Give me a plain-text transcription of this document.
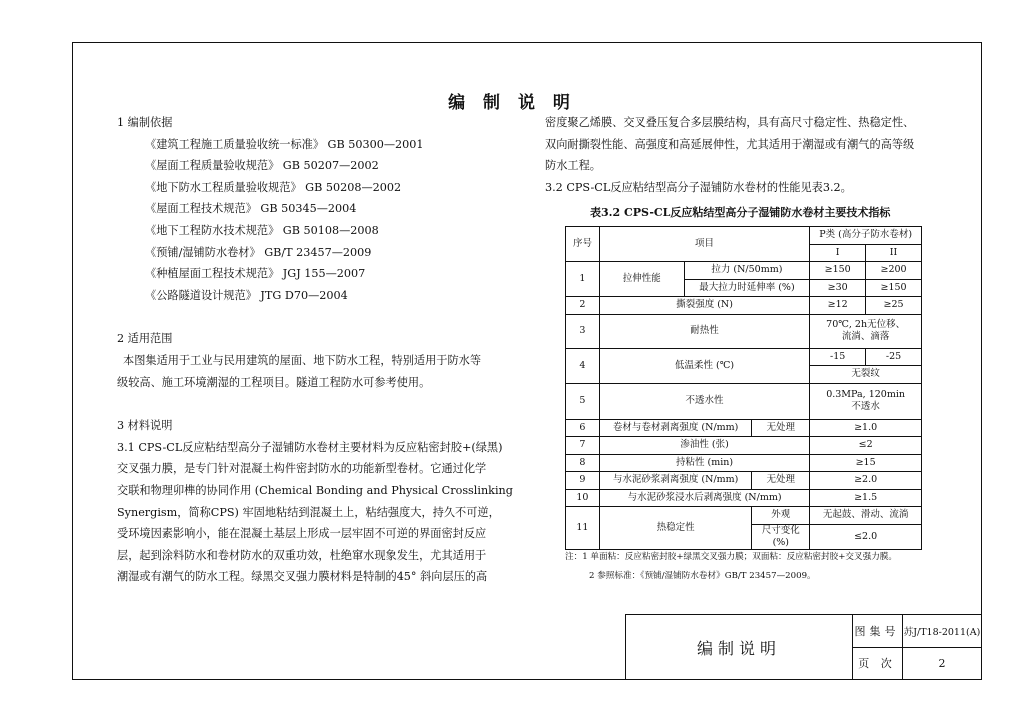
编 制 说 明
1 编制依据
《建筑工程施工质量验收统一标准》 GB 50300—2001
《屋面工程质量验收规范》 GB 50207—2002
《地下防水工程质量验收规范》 GB 50208—2002
《屋面工程技术规范》 GB 50345—2004
《地下工程防水技术规范》 GB 50108—2008
《预铺/湿铺防水卷材》 GB/T 23457—2009
《种植屋面工程技术规范》 JGJ 155—2007
《公路隧道设计规范》 JTG D70—2004
2 适用范围
本图集适用于工业与民用建筑的屋面、地下防水工程，特别适用于防水等
级较高、施工环境潮湿的工程项目。隧道工程防水可参考使用。
3 材料说明
3.1 CPS-CL反应粘结型高分子湿铺防水卷材主要材料为反应粘密封胶+(绿黑)
交叉强力膜，是专门针对混凝土构件密封防水的功能新型卷材。它通过化学
交联和物理卯榫的协同作用 (Chemical Bonding and Physical Crosslinking
Synergism，简称CPS) 牢固地粘结到混凝土上，粘结强度大，持久不可逆，
受环境因素影响小，能在混凝土基层上形成一层牢固不可逆的界面密封反应
层，起到涂料防水和卷材防水的双重功效，杜绝窜水现象发生，尤其适用于
潮湿或有潮气的防水工程。绿黑交叉强力膜材料是特制的45° 斜向层压的高
密度聚乙烯膜、交叉叠压复合多层膜结构，具有高尺寸稳定性、热稳定性、
双向耐撕裂性能、高强度和高延展伸性，尤其适用于潮湿或有潮气的高等级
防水工程。
3.2 CPS-CL反应粘结型高分子湿铺防水卷材的性能见表3.2。
表3.2 CPS-CL反应粘结型高分子湿铺防水卷材主要技术指标
序号	项目			P类 (高分子防水卷材)	
				I	II
1	拉伸性能	拉力 (N/50mm)		≥150	≥200
		最大拉力时延伸率 (%)		≥30	≥150
2	撕裂强度 (N)			≥12	≥25
3	耐热性			70℃, 2h无位移、
流淌、滴落	

4	低温柔性 (℃)			-15	-25
				无裂纹	
5	不透水性			0.3MPa, 120min
不透水	

6	卷材与卷材剥离强度 (N/mm)		无处理	≥1.0	
7	渗油性 (张)			≤2	
8	持粘性 (min)			≥15	
9	与水泥砂浆剥离强度 (N/mm)		无处理	≥2.0	
10	与水泥砂浆浸水后剥离强度 (N/mm)			≥1.5	
11	热稳定性		外观	无起鼓、滑动、流淌	
			尺寸变化 (%)	≤2.0	
注：1 单面粘：反应粘密封胶+绿黑交叉强力膜；双面粘：反应粘密封胶+交叉强力膜。
2 参照标准：《预铺/湿铺防水卷材》GB/T 23457—2009。
编制说明
图集号 苏J/T18-2011(A)
页 次	2
